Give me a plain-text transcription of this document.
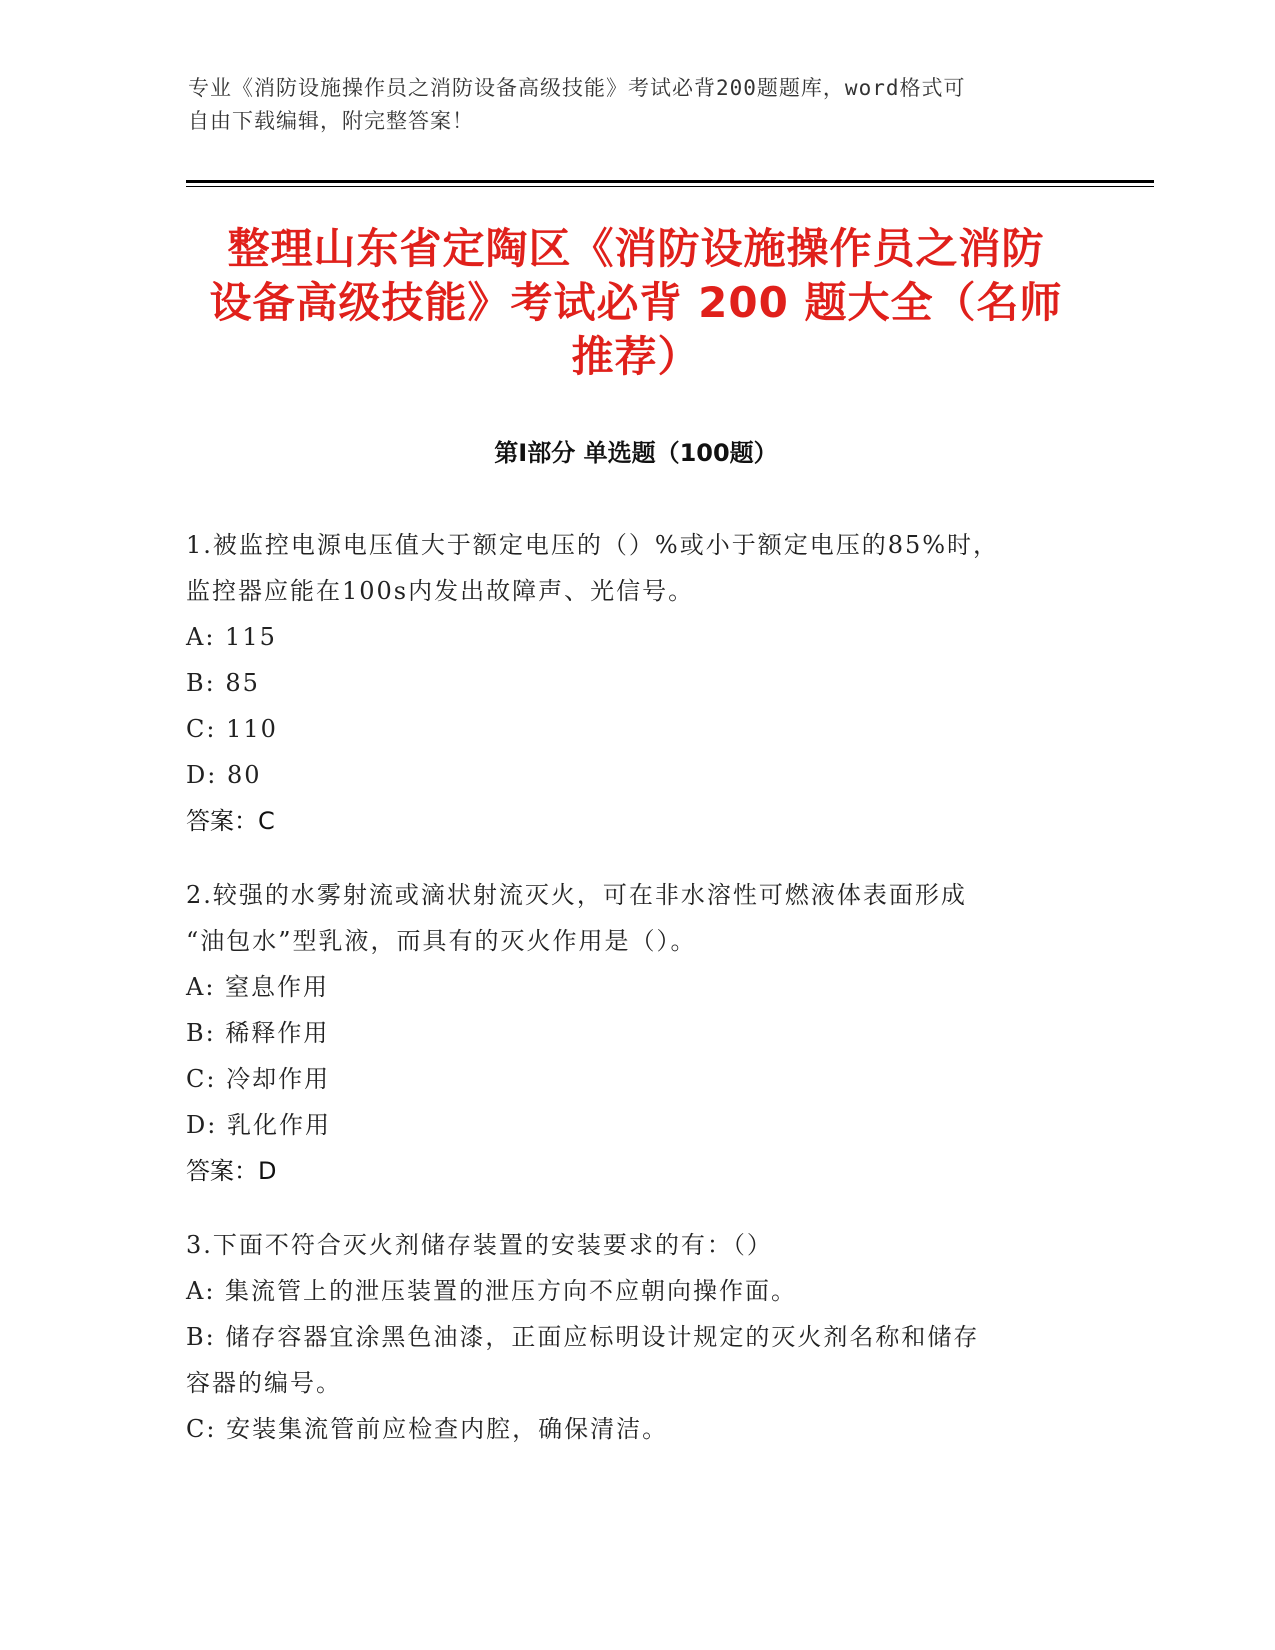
专业《消防设施操作员之消防设备高级技能》考试必背200题题库，word格式可
自由下载编辑，附完整答案！
整理山东省定陶区《消防设施操作员之消防
设备高级技能》考试必背 200 题大全（名师
推荐）
第Ⅰ部分 单选题（100题）
1.被监控电源电压值大于额定电压的（）%或小于额定电压的85%时，
监控器应能在100s内发出故障声、光信号。
A: 115
B: 85
C: 110
D: 80
答案：C
2.较强的水雾射流或滴状射流灭火，可在非水溶性可燃液体表面形成
“油包水”型乳液，而具有的灭火作用是（）。
A: 窒息作用
B: 稀释作用
C: 冷却作用
D: 乳化作用
答案：D
3.下面不符合灭火剂储存装置的安装要求的有：（）
A: 集流管上的泄压装置的泄压方向不应朝向操作面。
B: 储存容器宜涂黑色油漆，正面应标明设计规定的灭火剂名称和储存
容器的编号。
C: 安装集流管前应检查内腔，确保清洁。
